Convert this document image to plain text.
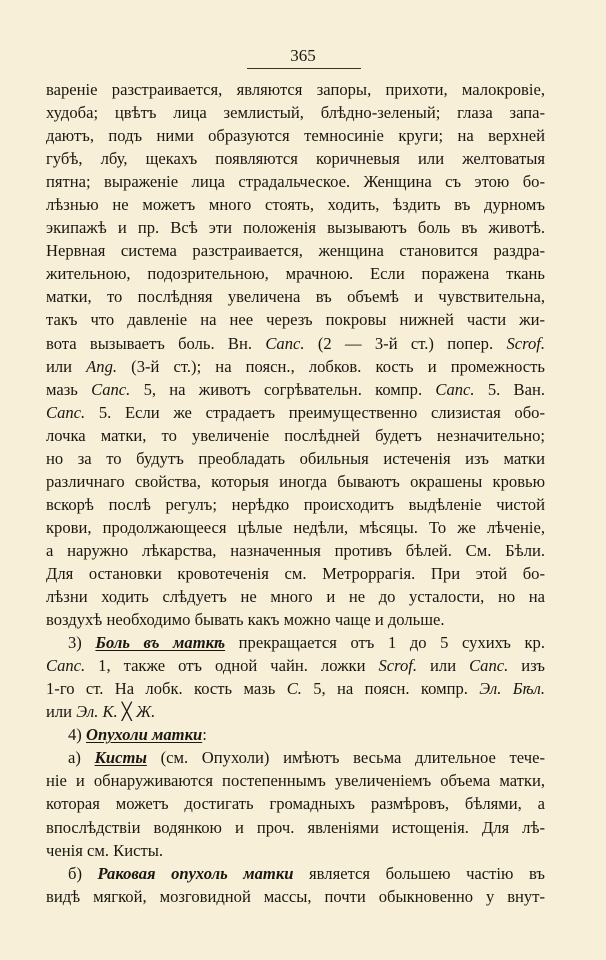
365
вареніе разстраивается, являются запоры, прихоти, малокровіе,
худоба; цвѣтъ лица землистый, блѣдно-зеленый; глаза запа-
даютъ, подъ ними образуются темносиніе круги; на верхней
губѣ, лбу, щекахъ появляются коричневыя или желтоватыя
пятна; выраженіе лица страдальческое. Женщина съ этою бо-
лѣзнью не можетъ много стоять, ходить, ѣздить въ дурномъ
экипажѣ и пр. Всѣ эти положенія вызываютъ боль въ животѣ.
Нервная система разстраивается, женщина становится раздра-
жительною, подозрительною, мрачною. Если поражена ткань
матки, то послѣдняя увеличена въ объемѣ и чувствительна,
такъ что давленіе на нее черезъ покровы нижней части жи-
вота вызываетъ боль. Вн. Canc. (2 — 3-й ст.) попер. Scrof.
или Ang. (3-й ст.); на поясн., лобков. кость и промежность
мазь Canc. 5, на животъ согрѣвательн. компр. Canc. 5. Ван.
Canc. 5. Если же страдаетъ преимущественно слизистая обо-
лочка матки, то увеличеніе послѣдней будетъ незначительно;
но за то будутъ преобладать обильныя истеченія изъ матки
различнаго свойства, которыя иногда бываютъ окрашены кровью
вскорѣ послѣ регулъ; нерѣдко происходитъ выдѣленіе чистой
крови, продолжающееся цѣлые недѣли, мѣсяцы. То же лѣченіе,
а наружно лѣкарства, назначенныя противъ бѣлей. См. Бѣли.
Для остановки кровотеченія см. Метроррагія. При этой бо-
лѣзни ходить слѣдуетъ не много и не до усталости, но на
воздухѣ необходимо бывать какъ можно чаще и дольше.
3) Боль въ маткѣ прекращается отъ 1 до 5 сухихъ кр.
Canc. 1, также отъ одной чайн. ложки Scrof. или Canc. изъ
1-го ст. На лобк. кость мазь С. 5, на поясн. компр. Эл. Бѣл.
или Эл. К. ╳ Ж.
4) Опухоли матки:
а) Кисты (см. Опухоли) имѣютъ весьма длительное тече-
ніе и обнаруживаются постепеннымъ увеличеніемъ объема матки,
которая можетъ достигать громадныхъ размѣровъ, бѣлями, а
впослѣдствіи водянкою и проч. явленіями истощенія. Для лѣ-
ченія см. Кисты.
б) Раковая опухоль матки является большею частію въ
видѣ мягкой, мозговидной массы, почти обыкновенно у внут-
